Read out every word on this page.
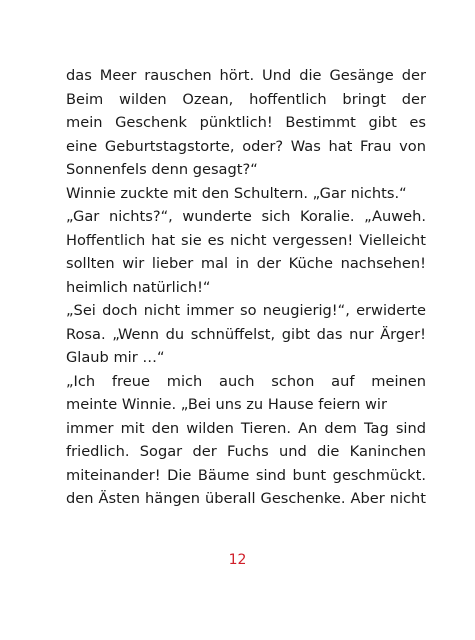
das Meer rauschen hört. Und die Gesänge der
Beim wilden Ozean, hoffentlich bringt der
mein Geschenk pünktlich! Bestimmt gibt es
eine Geburtstagstorte, oder? Was hat Frau von
Sonnenfels denn gesagt?“
Winnie zuckte mit den Schultern. „Gar nichts.“
„Gar nichts?“, wunderte sich Koralie. „Auweh.
Hoffentlich hat sie es nicht vergessen! Vielleicht
sollten wir lieber mal in der Küche nachsehen!
heimlich natürlich!“
„Sei doch nicht immer so neugierig!“, erwiderte
Rosa. „Wenn du schnüffelst, gibt das nur Ärger!
Glaub mir …“
„Ich freue mich auch schon auf meinen
meinte Winnie. „Bei uns zu Hause feiern wir
immer mit den wilden Tieren. An dem Tag sind
friedlich. Sogar der Fuchs und die Kaninchen
miteinander! Die Bäume sind bunt geschmückt.
den Ästen hängen überall Geschenke. Aber nicht
12
